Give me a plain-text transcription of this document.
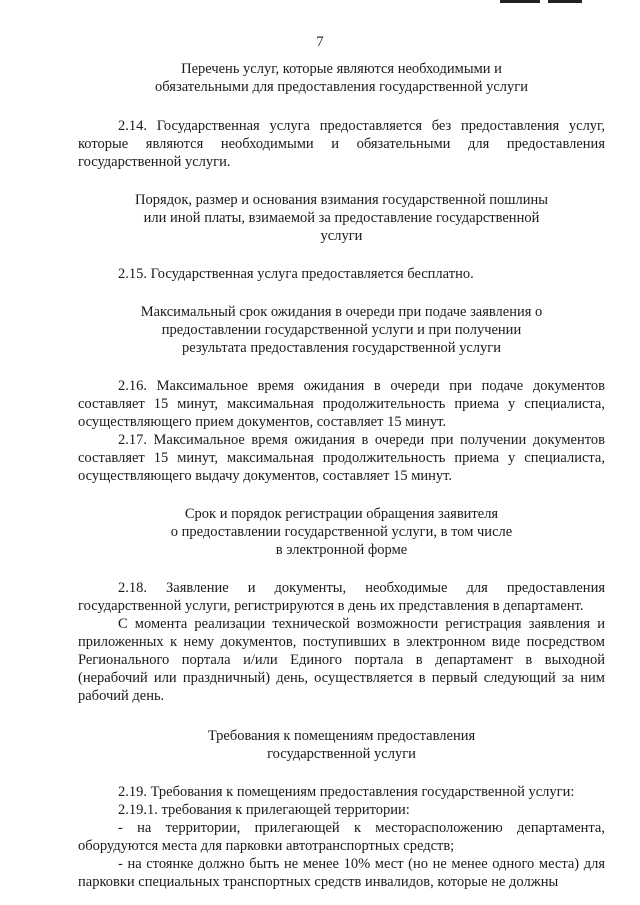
7

Перечень услуг, которые являются необходимыми и
обязательными для предоставления государственной услуги

2.14. Государственная услуга предоставляется без предоставления услуг, которые являются необходимыми и обязательными для предоставления государственной услуги.

Порядок, размер и основания взимания государственной пошлины
или иной платы, взимаемой за предоставление государственной
услуги

2.15. Государственная услуга предоставляется бесплатно.

Максимальный срок ожидания в очереди при подаче заявления о
предоставлении государственной услуги и при получении
результата предоставления государственной услуги

2.16. Максимальное время ожидания в очереди при подаче документов составляет 15 минут, максимальная продолжительность приема у специалиста, осуществляющего прием документов, составляет 15 минут.

2.17. Максимальное время ожидания в очереди при получении документов составляет 15 минут, максимальная продолжительность приема у специалиста, осуществляющего выдачу документов, составляет 15 минут.

Срок и порядок регистрации обращения заявителя
о предоставлении государственной услуги, в том числе
в электронной форме

2.18. Заявление и документы, необходимые для предоставления государственной услуги, регистрируются в день их представления в департамент.

С момента реализации технической возможности регистрация заявления и приложенных к нему документов, поступивших в электронном виде посредством Регионального портала и/или Единого портала в департамент в выходной (нерабочий или праздничный) день, осуществляется в первый следующий за ним рабочий день.

Требования к помещениям предоставления
государственной услуги

2.19. Требования к помещениям предоставления государственной услуги:

2.19.1. требования к прилегающей территории:

- на территории, прилегающей к месторасположению департамента, оборудуются места для парковки автотранспортных средств;

- на стоянке должно быть не менее 10% мест (но не менее одного места) для парковки специальных транспортных средств инвалидов, которые не должны
